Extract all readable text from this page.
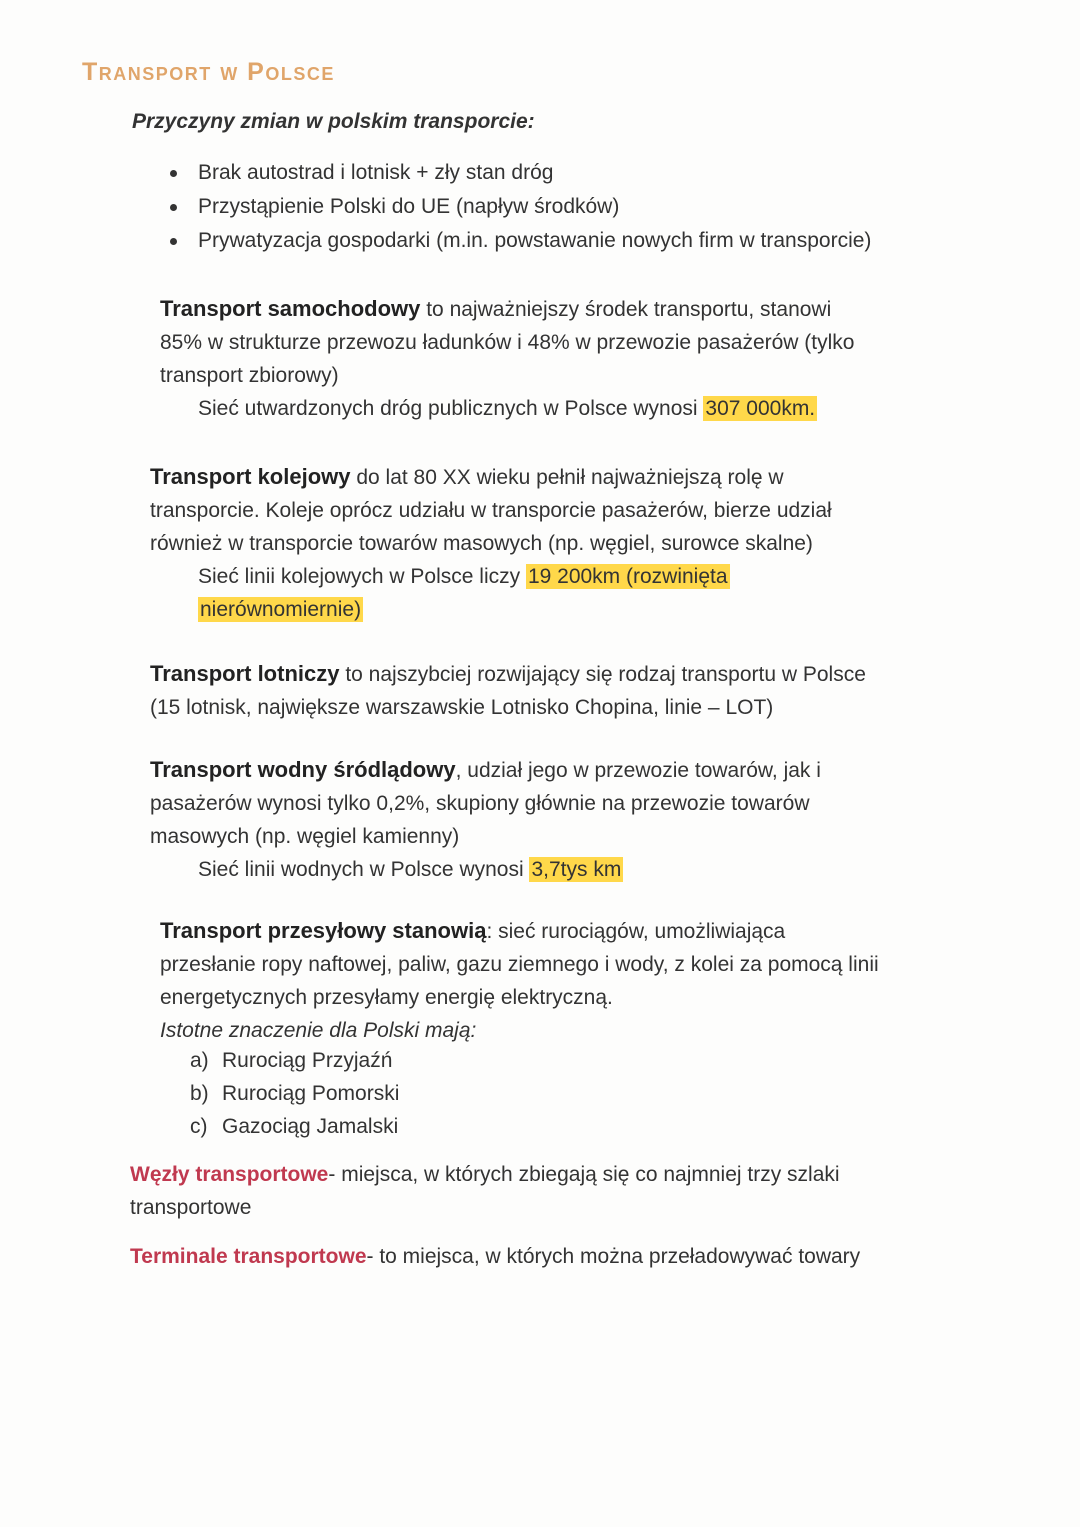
Transport w Polsce
Przyczyny zmian w polskim transporcie:
Brak autostrad i lotnisk + zły stan dróg
Przystąpienie Polski do UE (napływ środków)
Prywatyzacja gospodarki (m.in. powstawanie nowych firm w transporcie)
Transport samochodowy to najważniejszy środek transportu, stanowi
85% w strukturze przewozu ładunków i 48% w przewozie pasażerów (tylko
transport zbiorowy)
Sieć utwardzonych dróg publicznych w Polsce wynosi 307 000km.
Transport kolejowy do lat 80 XX wieku pełnił najważniejszą rolę w
transporcie. Koleje oprócz udziału w transporcie pasażerów, bierze udział
również w transporcie towarów masowych (np. węgiel, surowce skalne)
Sieć linii kolejowych w Polsce liczy 19 200km (rozwinięta
nierównomiernie)
Transport lotniczy to najszybciej rozwijający się rodzaj transportu w Polsce
(15 lotnisk, największe warszawskie Lotnisko Chopina, linie – LOT)
Transport wodny śródlądowy, udział jego w przewozie towarów, jak i
pasażerów wynosi tylko 0,2%, skupiony głównie na przewozie towarów
masowych (np. węgiel kamienny)
Sieć linii wodnych w Polsce wynosi 3,7tys km
Transport przesyłowy stanowią: sieć rurociągów, umożliwiająca
przesłanie ropy naftowej, paliw, gazu ziemnego i wody, z kolei za pomocą linii
energetycznych przesyłamy energię elektryczną.
Istotne znaczenie dla Polski mają:
a) Rurociąg Przyjaźń
b) Rurociąg Pomorski
c) Gazociąg Jamalski
Węzły transportowe- miejsca, w których zbiegają się co najmniej trzy szlaki
transportowe
Terminale transportowe- to miejsca, w których można przeładowywać towary
